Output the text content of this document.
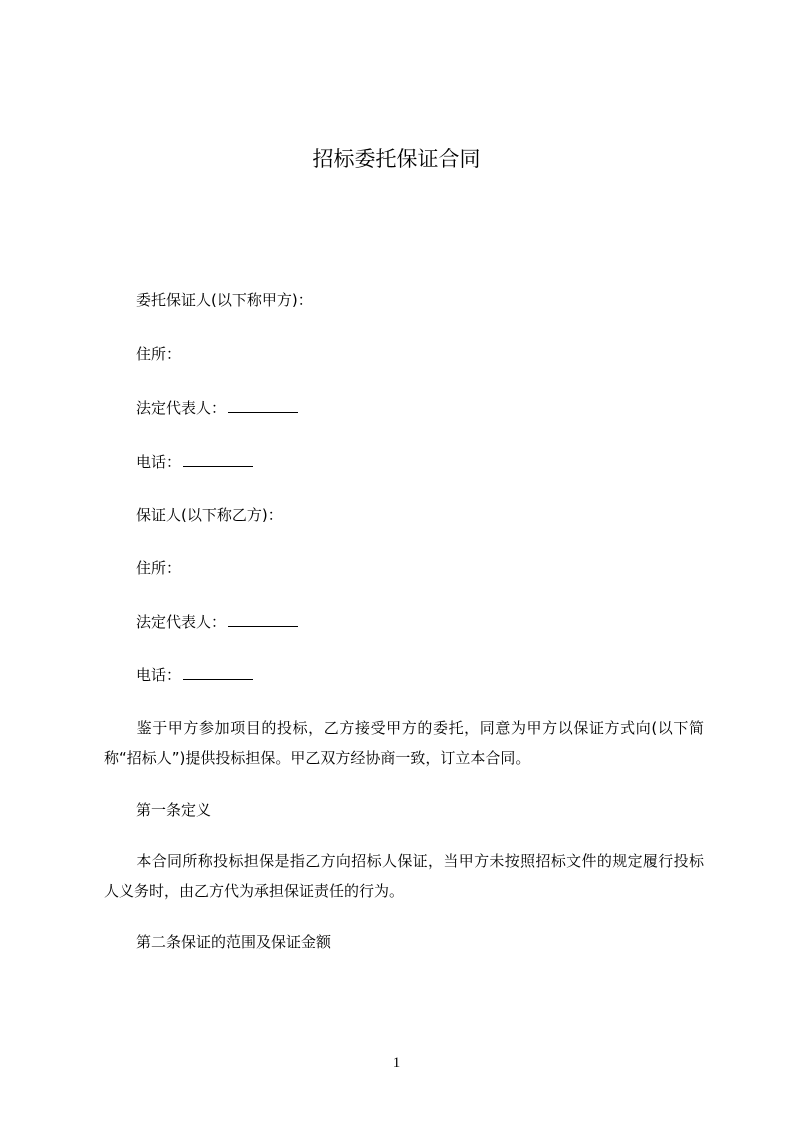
招标委托保证合同
委托保证人(以下称甲方)：
住所：
法定代表人：
电话：
保证人(以下称乙方)：
住所：
法定代表人：
电话：
鉴于甲方参加项目的投标，乙方接受甲方的委托，同意为甲方以保证方式向(以下简称“招标人”)提供投标担保。甲乙双方经协商一致，订立本合同。
第一条定义
本合同所称投标担保是指乙方向招标人保证，当甲方未按照招标文件的规定履行投标人义务时，由乙方代为承担保证责任的行为。
第二条保证的范围及保证金额
1
